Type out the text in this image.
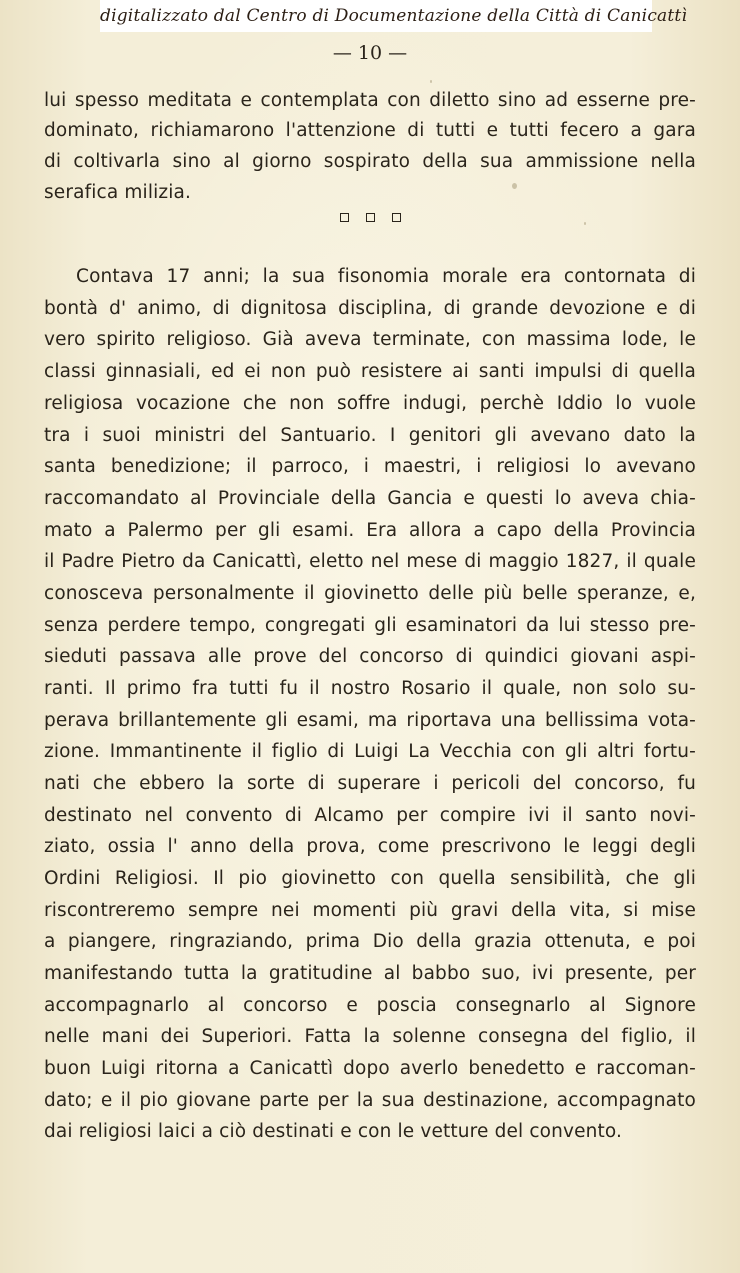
digitalizzato dal Centro di Documentazione della Città di Canicattì
— 10 —
lui spesso meditata e contemplata con diletto sino ad esserne pre-
dominato, richiamarono l'attenzione di tutti e tutti fecero a gara
di coltivarla sino al giorno sospirato della sua ammissione nella
serafica milizia.
Contava 17 anni; la sua fisonomia morale era contornata di
bontà d' animo, di dignitosa disciplina, di grande devozione e di
vero spirito religioso. Già aveva terminate, con massima lode, le
classi ginnasiali, ed ei non può resistere ai santi impulsi di quella
religiosa vocazione che non soffre indugi, perchè Iddio lo vuole
tra i suoi ministri del Santuario. I genitori gli avevano dato la
santa benedizione; il parroco, i maestri, i religiosi lo avevano
raccomandato al Provinciale della Gancia e questi lo aveva chia-
mato a Palermo per gli esami. Era allora a capo della Provincia
il Padre Pietro da Canicattì, eletto nel mese di maggio 1827, il quale
conosceva personalmente il giovinetto delle più belle speranze, e,
senza perdere tempo, congregati gli esaminatori da lui stesso pre-
sieduti passava alle prove del concorso di quindici giovani aspi-
ranti. Il primo fra tutti fu il nostro Rosario il quale, non solo su-
perava brillantemente gli esami, ma riportava una bellissima vota-
zione. Immantinente il figlio di Luigi La Vecchia con gli altri fortu-
nati che ebbero la sorte di superare i pericoli del concorso, fu
destinato nel convento di Alcamo per compire ivi il santo novi-
ziato, ossia l' anno della prova, come prescrivono le leggi degli
Ordini Religiosi. Il pio giovinetto con quella sensibilità, che gli
riscontreremo sempre nei momenti più gravi della vita, si mise
a piangere, ringraziando, prima Dio della grazia ottenuta, e poi
manifestando tutta la gratitudine al babbo suo, ivi presente, per
accompagnarlo al concorso e poscia consegnarlo al Signore
nelle mani dei Superiori. Fatta la solenne consegna del figlio, il
buon Luigi ritorna a Canicattì dopo averlo benedetto e raccoman-
dato; e il pio giovane parte per la sua destinazione, accompagnato
dai religiosi laici a ciò destinati e con le vetture del convento.
